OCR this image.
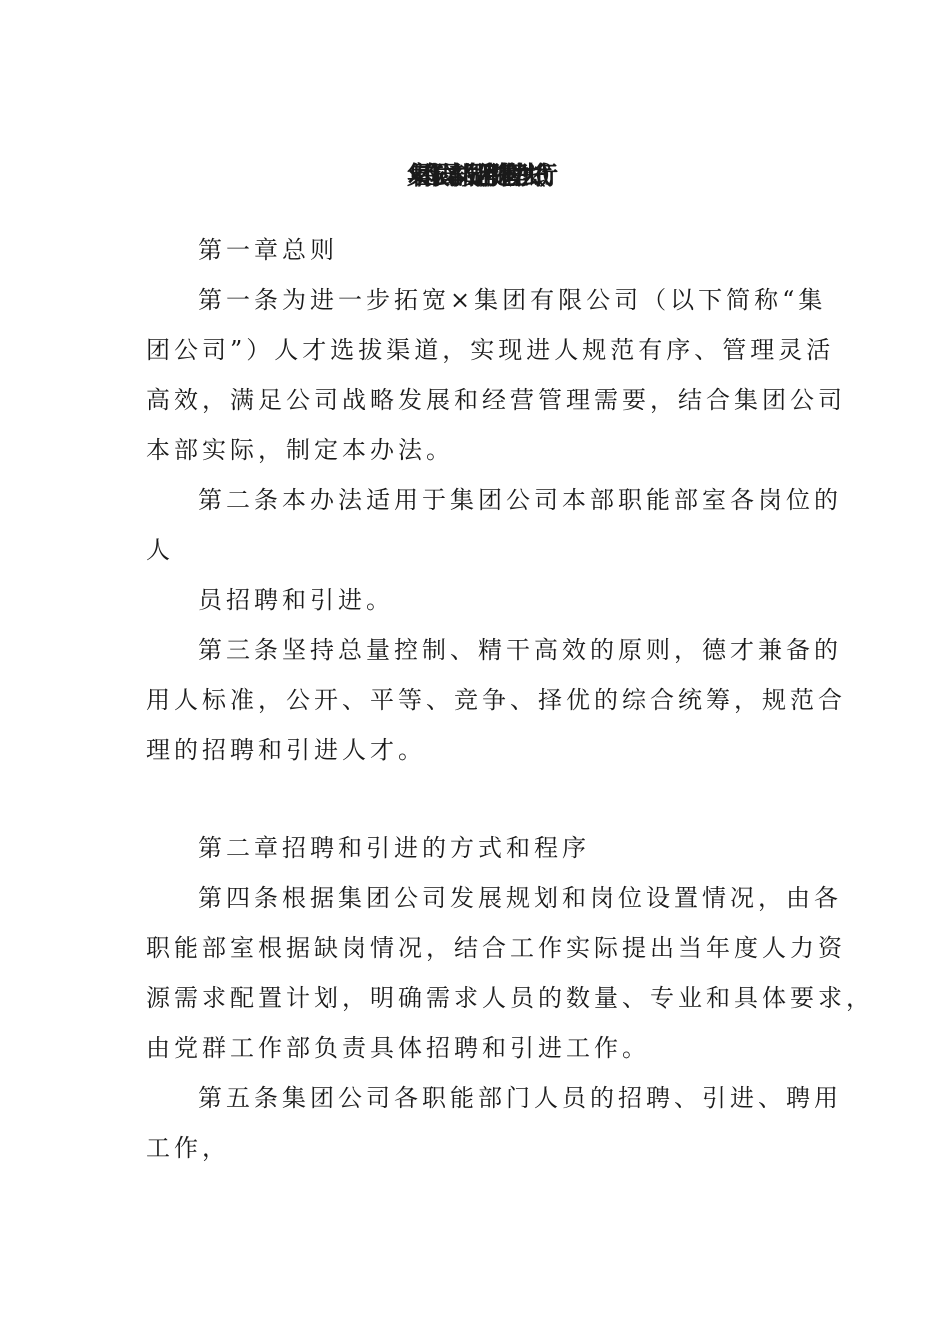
×集团有限公司本部人员招聘和引进管理办法（试行）
第一章总则
第一条为进一步拓宽×集团有限公司（以下简称“集
团公司”）人才选拔渠道，实现进人规范有序、管理灵活
高效，满足公司战略发展和经营管理需要，结合集团公司
本部实际，制定本办法。
第二条本办法适用于集团公司本部职能部室各岗位的
人
员招聘和引进。
第三条坚持总量控制、精干高效的原则，德才兼备的
用人标准，公开、平等、竞争、择优的综合统筹，规范合
理的招聘和引进人才。
第二章招聘和引进的方式和程序
第四条根据集团公司发展规划和岗位设置情况，由各
职能部室根据缺岗情况，结合工作实际提出当年度人力资
源需求配置计划，明确需求人员的数量、专业和具体要求，
由党群工作部负责具体招聘和引进工作。
第五条集团公司各职能部门人员的招聘、引进、聘用
工作，
